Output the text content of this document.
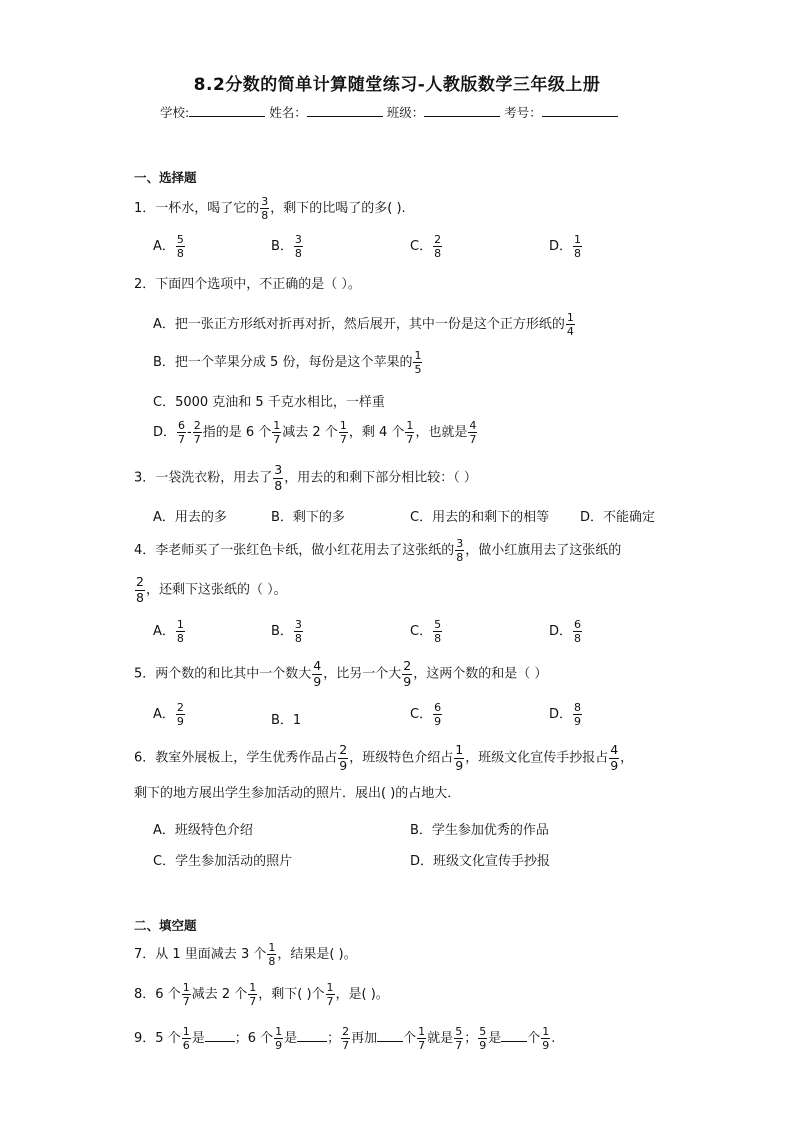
8.2分数的简单计算随堂练习-人教版数学三年级上册
学校:	姓名：	班级：	考号：
一、选择题
1．一杯水，喝了它的 $\frac{3}{8}$ ，剩下的比喝了的多( ).
A． $\frac{5}{8}$	B． $\frac{3}{8}$	C． $\frac{2}{8}$	D． $\frac{1}{8}$
2．下面四个选项中，不正确的是（ ）。
A．把一张正方形纸对折再对折，然后展开，其中一份是这个正方形纸的 $\frac{1}{4}$
B．把一个苹果分成 5 份，每份是这个苹果的 $\frac{1}{5}$
C．5000 克油和 5 千克水相比，一样重
D． $\frac{6}{7} - \frac{2}{7}$ 指的是 6 个 $\frac{1}{7}$ 减去 2 个 $\frac{1}{7}$ ，剩 4 个 $\frac{1}{7}$ ，也就是 $\frac{4}{7}$
3．一袋洗衣粉，用去了 $\frac{3}{8}$ ，用去的和剩下部分相比较：（ ）
A．用去的多	B．剩下的多	C．用去的和剩下的相等 D．不能确定
4．李老师买了一张红色卡纸，做小红花用去了这张纸的 $\frac{3}{8}$ ，做小红旗用去了这张纸的
$\frac{2}{8}$ ，还剩下这张纸的（ ）。
A． $\frac{1}{8}$	B． $\frac{3}{8}$	C． $\frac{5}{8}$	D． $\frac{6}{8}$
5．两个数的和比其中一个数大 $\frac{4}{9}$ ，比另一个大 $\frac{2}{9}$ ，这两个数的和是（ ）
A． $\frac{2}{9}$	B．1	C． $\frac{6}{9}$	D． $\frac{8}{9}$
6．教室外展板上，学生优秀作品占 $\frac{2}{9}$ ，班级特色介绍占 $\frac{1}{9}$ ，班级文化宣传手抄报占 $\frac{4}{9}$ ，
剩下的地方展出学生参加活动的照片．展出( )的占地大．
A．班级特色介绍	B．学生参加优秀的作品
C．学生参加活动的照片	D．班级文化宣传手抄报
二、填空题
7．从 1 里面减去 3 个 $\frac{1}{8}$ ，结果是( )。
8．6 个 $\frac{1}{7}$ 减去 2 个 $\frac{1}{7}$ ，剩下( )个 $\frac{1}{7}$ ，是( )。
9．5 个 $\frac{1}{6}$ 是 ；6 个 $\frac{1}{9}$ 是 ； $\frac{2}{7}$ 再加 个 $\frac{1}{7}$ 就是 $\frac{5}{7}$ ； $\frac{5}{9}$ 是 个 $\frac{1}{9}$ .
